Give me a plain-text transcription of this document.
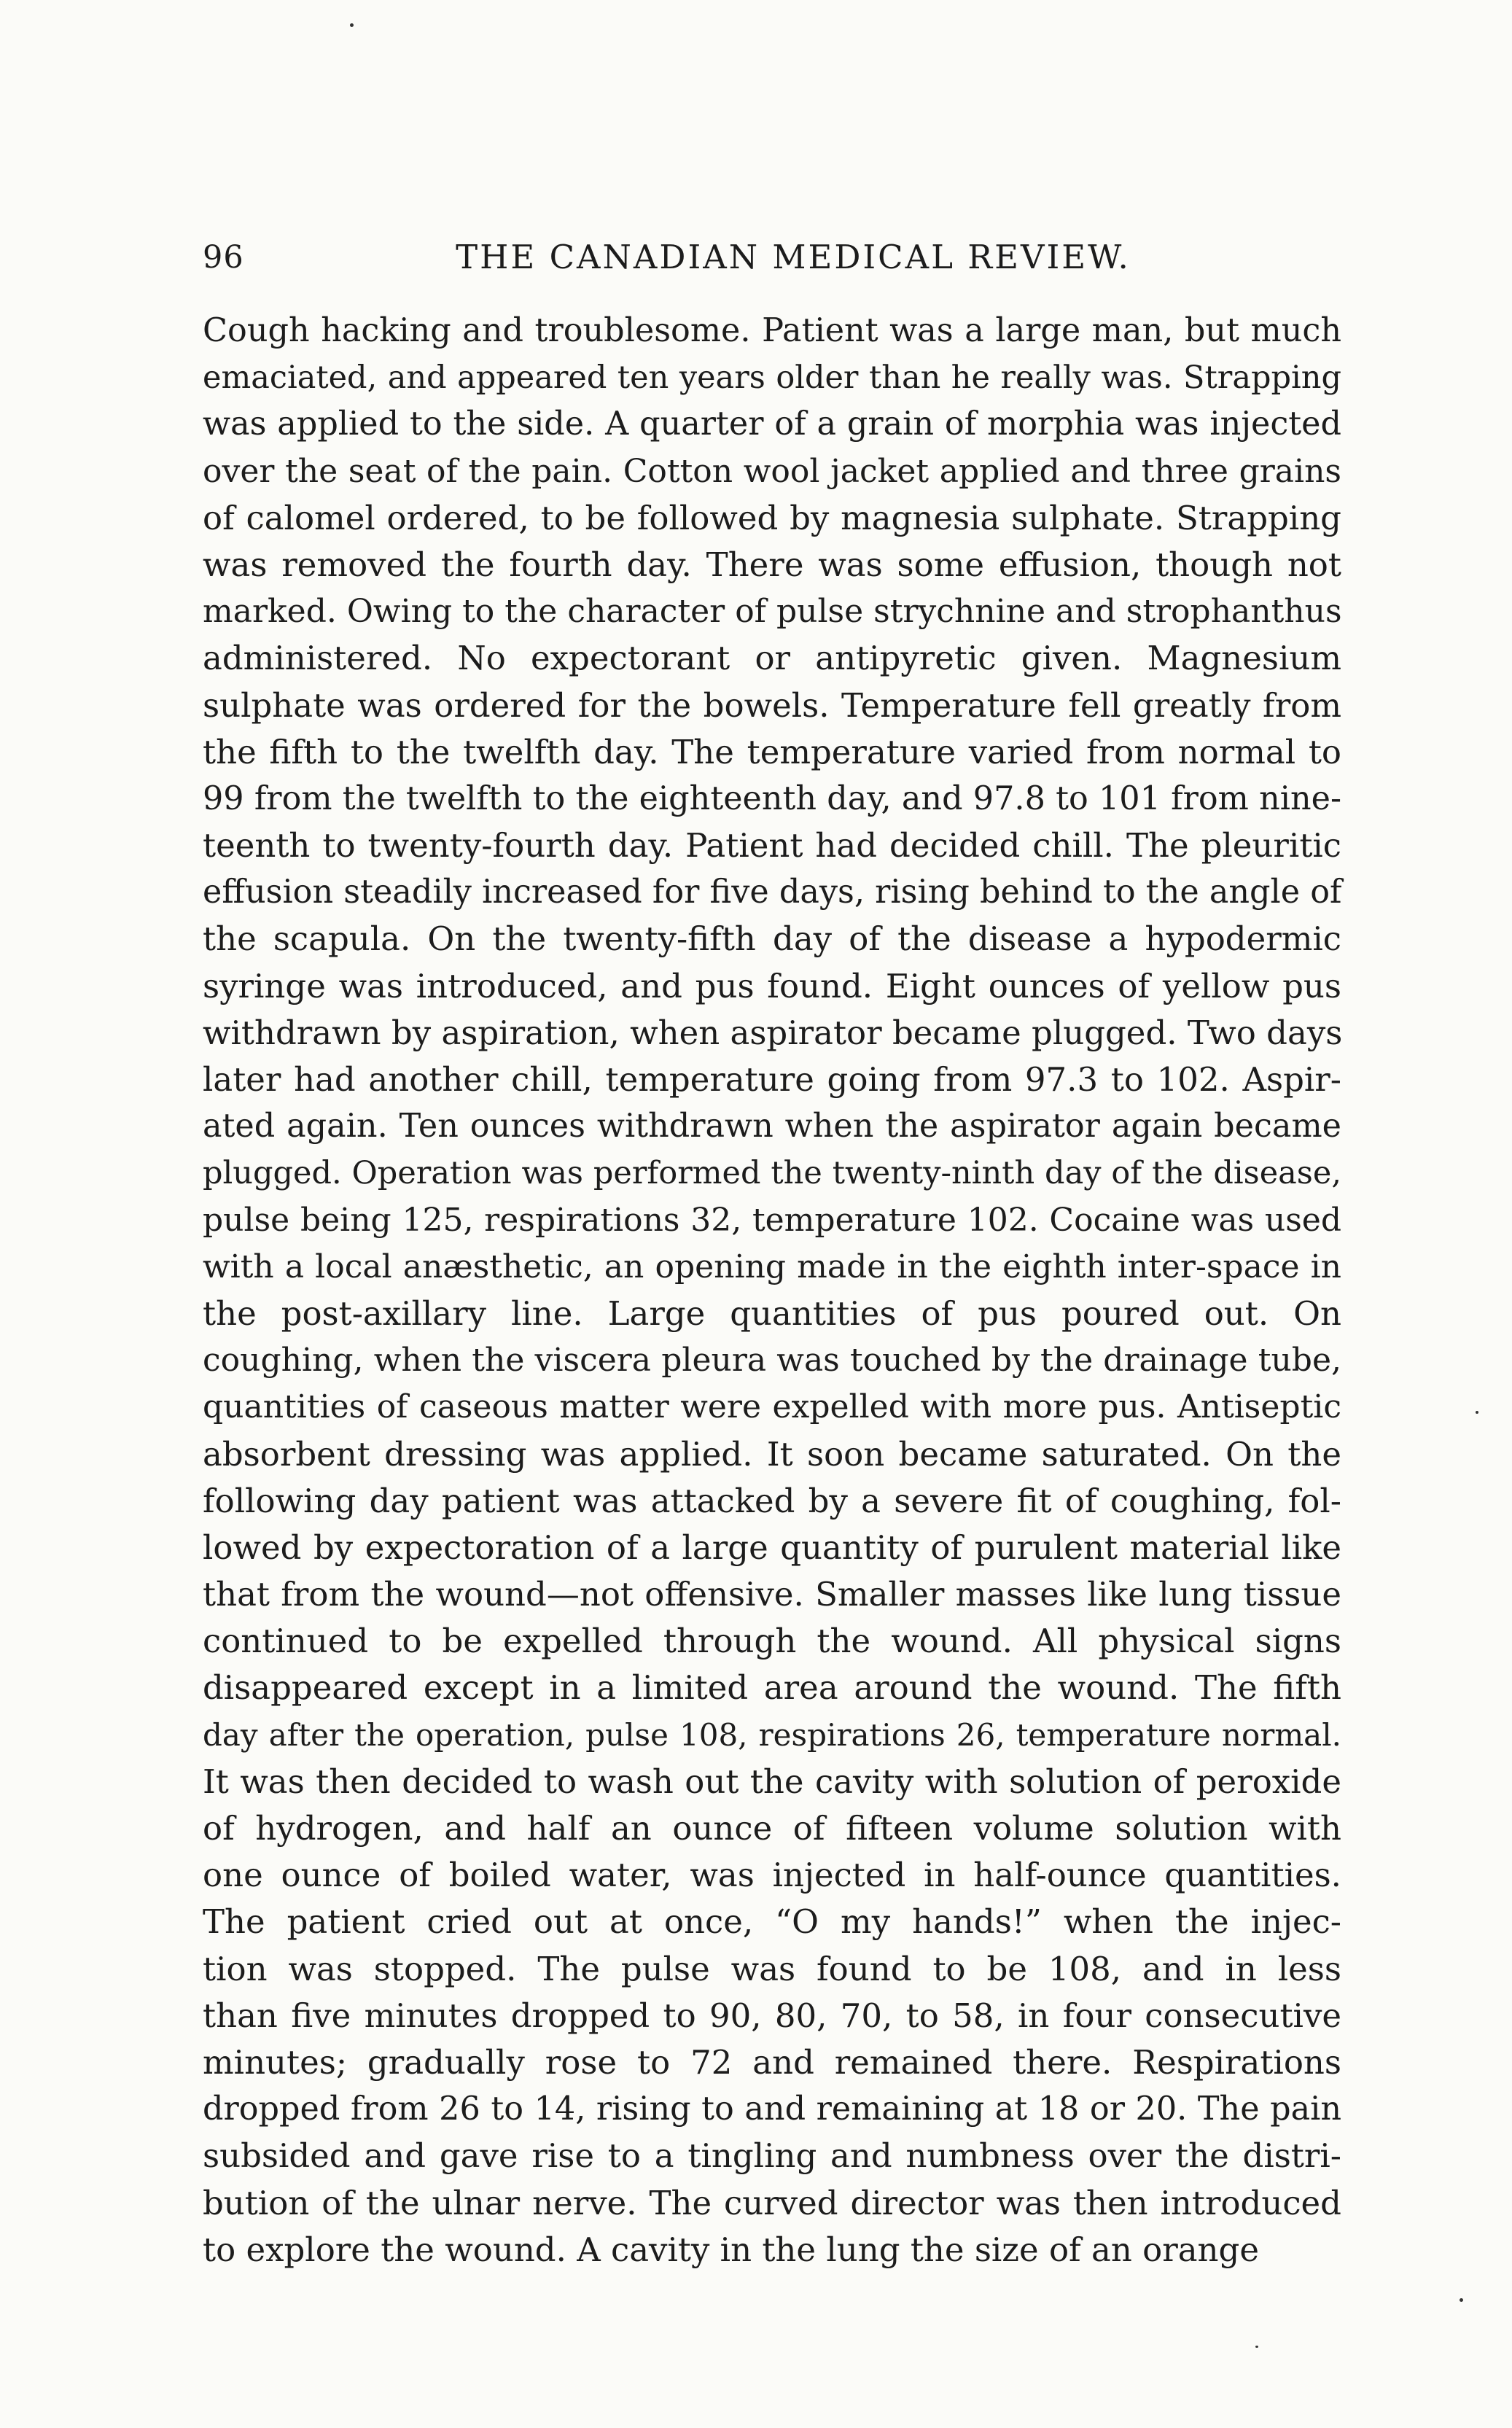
96	THE CANADIAN MEDICAL REVIEW.
Cough hacking and troublesome. Patient was a large man, but much
emaciated, and appeared ten years older than he really was. Strapping
was applied to the side. A quarter of a grain of morphia was injected
over the seat of the pain. Cotton wool jacket applied and three grains
of calomel ordered, to be followed by magnesia sulphate. Strapping
was removed the fourth day. There was some effusion, though not
marked. Owing to the character of pulse strychnine and strophanthus
administered. No expectorant or antipyretic given. Magnesium
sulphate was ordered for the bowels. Temperature fell greatly from
the fifth to the twelfth day. The temperature varied from normal to
99 from the twelfth to the eighteenth day, and 97.8 to 101 from nine-
teenth to twenty-fourth day. Patient had decided chill. The pleuritic
effusion steadily increased for five days, rising behind to the angle of
the scapula. On the twenty-fifth day of the disease a hypodermic
syringe was introduced, and pus found. Eight ounces of yellow pus
withdrawn by aspiration, when aspirator became plugged. Two days
later had another chill, temperature going from 97.3 to 102. Aspir-
ated again. Ten ounces withdrawn when the aspirator again became
plugged. Operation was performed the twenty-ninth day of the disease,
pulse being 125, respirations 32, temperature 102. Cocaine was used
with a local anæsthetic, an opening made in the eighth inter-space in
the post-axillary line. Large quantities of pus poured out. On
coughing, when the viscera pleura was touched by the drainage tube,
quantities of caseous matter were expelled with more pus. Antiseptic
absorbent dressing was applied. It soon became saturated. On the
following day patient was attacked by a severe fit of coughing, fol-
lowed by expectoration of a large quantity of purulent material like
that from the wound—not offensive. Smaller masses like lung tissue
continued to be expelled through the wound. All physical signs
disappeared except in a limited area around the wound. The fifth
day after the operation, pulse 108, respirations 26, temperature normal.
It was then decided to wash out the cavity with solution of peroxide
of hydrogen, and half an ounce of fifteen volume solution with
one ounce of boiled water, was injected in half-ounce quantities.
The patient cried out at once, “O my hands!” when the injec-
tion was stopped. The pulse was found to be 108, and in less
than five minutes dropped to 90, 80, 70, to 58, in four consecutive
minutes; gradually rose to 72 and remained there. Respirations
dropped from 26 to 14, rising to and remaining at 18 or 20. The pain
subsided and gave rise to a tingling and numbness over the distri-
bution of the ulnar nerve. The curved director was then introduced
to explore the wound. A cavity in the lung the size of an orange
